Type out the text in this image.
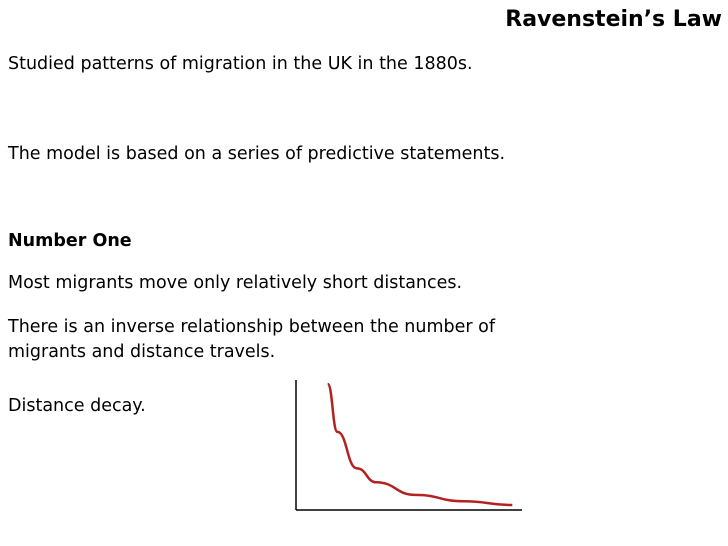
Ravenstein’s Law
Studied patterns of migration in the UK in the 1880s.
The model is based on a series of predictive statements.
Number One
Most migrants move only relatively short distances.
There is an inverse relationship between the number of
migrants and distance travels.
Distance decay.
